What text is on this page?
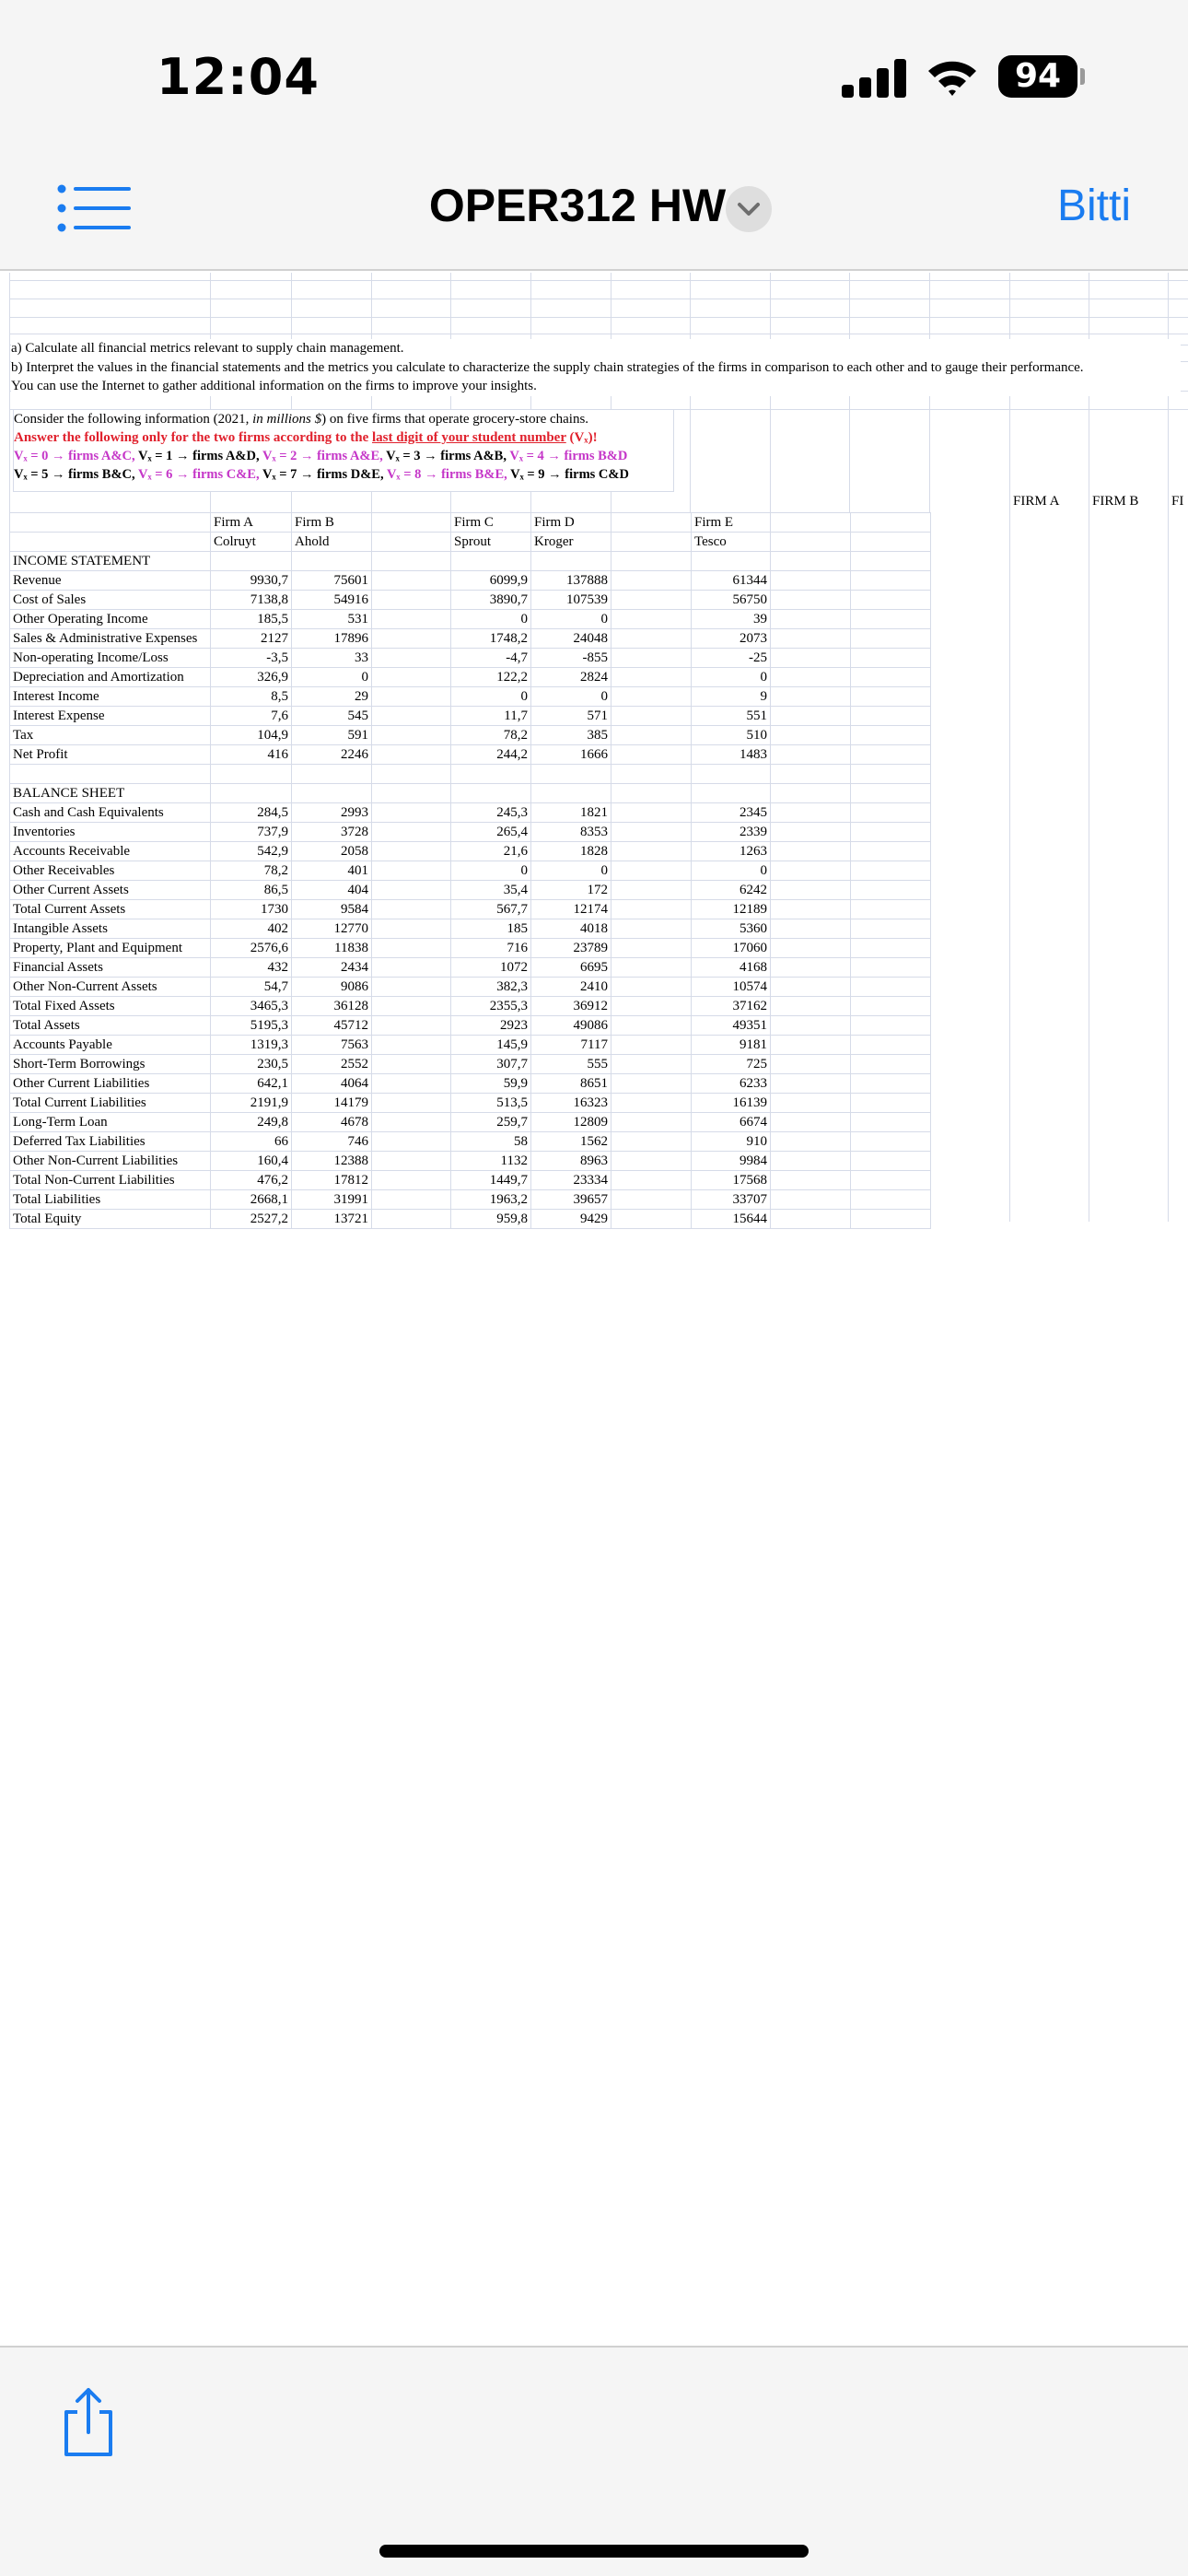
12:04	94
OPER312 HW	Bitti
a) Calculate all financial metrics relevant to supply chain management.
b) Interpret the values in the financial statements and the metrics you calculate to characterize the supply chain strategies of the firms in comparison to each other and to gauge their performance.
You can use the Internet to gather additional information on the firms to improve your insights.
Consider the following information (2021, in millions $) on five firms that operate grocery-store chains.
Answer the following only for the two firms according to the last digit of your student number (Vₓ)!
Vₓ = 0 → firms A&C, Vₓ = 1 → firms A&D, Vₓ = 2 → firms A&E, Vₓ = 3 → firms A&B, Vₓ = 4 → firms B&D
Vₓ = 5 → firms B&C, Vₓ = 6 → firms C&E, Vₓ = 7 → firms D&E, Vₓ = 8 → firms B&E, Vₓ = 9 → firms C&D
FIRM A FIRM B FI
	Firm A	Firm B		Firm C	Firm D		Firm E		
	Colruyt	Ahold		Sprout	Kroger		Tesco		
INCOME STATEMENT									
Revenue	9930,7	75601		6099,9	137888		61344		
Cost of Sales	7138,8	54916		3890,7	107539		56750		
Other Operating Income	185,5	531		0	0		39		
Sales & Administrative Expenses	2127	17896		1748,2	24048		2073		
Non-operating Income/Loss	-3,5	33		-4,7	-855		-25		
Depreciation and Amortization	326,9	0		122,2	2824		0		
Interest Income	8,5	29		0	0		9		
Interest Expense	7,6	545		11,7	571		551		
Tax	104,9	591		78,2	385		510		
Net Profit	416	2246		244,2	1666		1483		

BALANCE SHEET									
Cash and Cash Equivalents	284,5	2993		245,3	1821		2345		
Inventories	737,9	3728		265,4	8353		2339		
Accounts Receivable	542,9	2058		21,6	1828		1263		
Other Receivables	78,2	401		0	0		0		
Other Current Assets	86,5	404		35,4	172		6242		
Total Current Assets	1730	9584		567,7	12174		12189		
Intangible Assets	402	12770		185	4018		5360		
Property, Plant and Equipment	2576,6	11838		716	23789		17060		
Financial Assets	432	2434		1072	6695		4168		
Other Non-Current Assets	54,7	9086		382,3	2410		10574		
Total Fixed Assets	3465,3	36128		2355,3	36912		37162		
Total Assets	5195,3	45712		2923	49086		49351		
Accounts Payable	1319,3	7563		145,9	7117		9181		
Short-Term Borrowings	230,5	2552		307,7	555		725		
Other Current Liabilities	642,1	4064		59,9	8651		6233		
Total Current Liabilities	2191,9	14179		513,5	16323		16139		
Long-Term Loan	249,8	4678		259,7	12809		6674		
Deferred Tax Liabilities	66	746		58	1562		910		
Other Non-Current Liabilities	160,4	12388		1132	8963		9984		
Total Non-Current Liabilities	476,2	17812		1449,7	23334		17568		
Total Liabilities	2668,1	31991		1963,2	39657		33707		
Total Equity	2527,2	13721		959,8	9429		15644		
